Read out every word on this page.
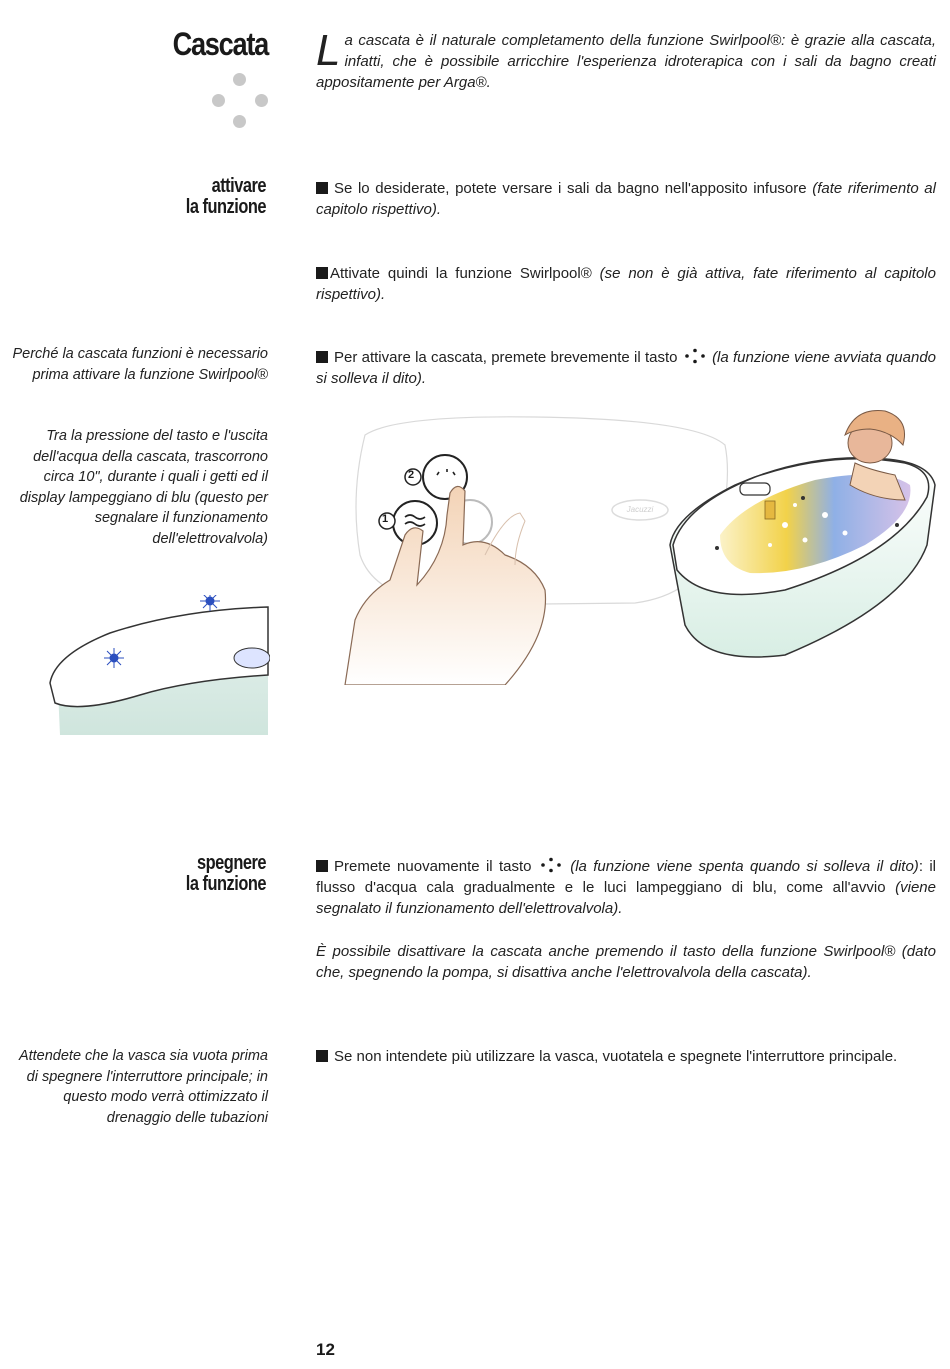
Cascata La cascata è il naturale completamento della funzione Swirlpool®: è grazie alla cascata, infatti, che è possibile arricchire l'esperienza idroterapica con i sali da bagno creati appositamente per Arga®.
attivare
la funzione
Se lo desiderate, potete versare i sali da bagno nell'apposito infusore (fate riferimento al capitolo rispettivo).
Attivate quindi la funzione Swirlpool® (se non è già attiva, fate riferimento al capitolo rispettivo).
Per attivare la cascata, premete brevemente il tasto (la funzione viene avviata quando si solleva il dito).
Perché la cascata funzioni è necessario prima attivare la funzione Swirlpool®
Tra la pressione del tasto e l'uscita dell'acqua della cascata, trascorrono circa 10", durante i quali i getti ed il display lampeggiano di blu (questo per segnalare il funzionamento dell'elettrovalvola)
2
1
Jacuzzi
spegnere
la funzione
Premete nuovamente il tasto	(la funzione viene spenta quando si solleva il dito): il flusso d'acqua cala gradualmente e le luci lampeggiano di blu, come all'avvio (viene segnalato il funzionamento dell'elettrovalvola).
È possibile disattivare la cascata anche premendo il tasto della funzione Swirlpool® (dato che, spegnendo la pompa, si disattiva anche l'elettrovalvola della cascata).
Se non intendete più utilizzare la vasca, vuotatela e spegnete l'interruttore principale.
Attendete che la vasca sia vuota prima di spegnere l'interruttore principale; in questo modo verrà ottimizzato il drenaggio delle tubazioni
12
